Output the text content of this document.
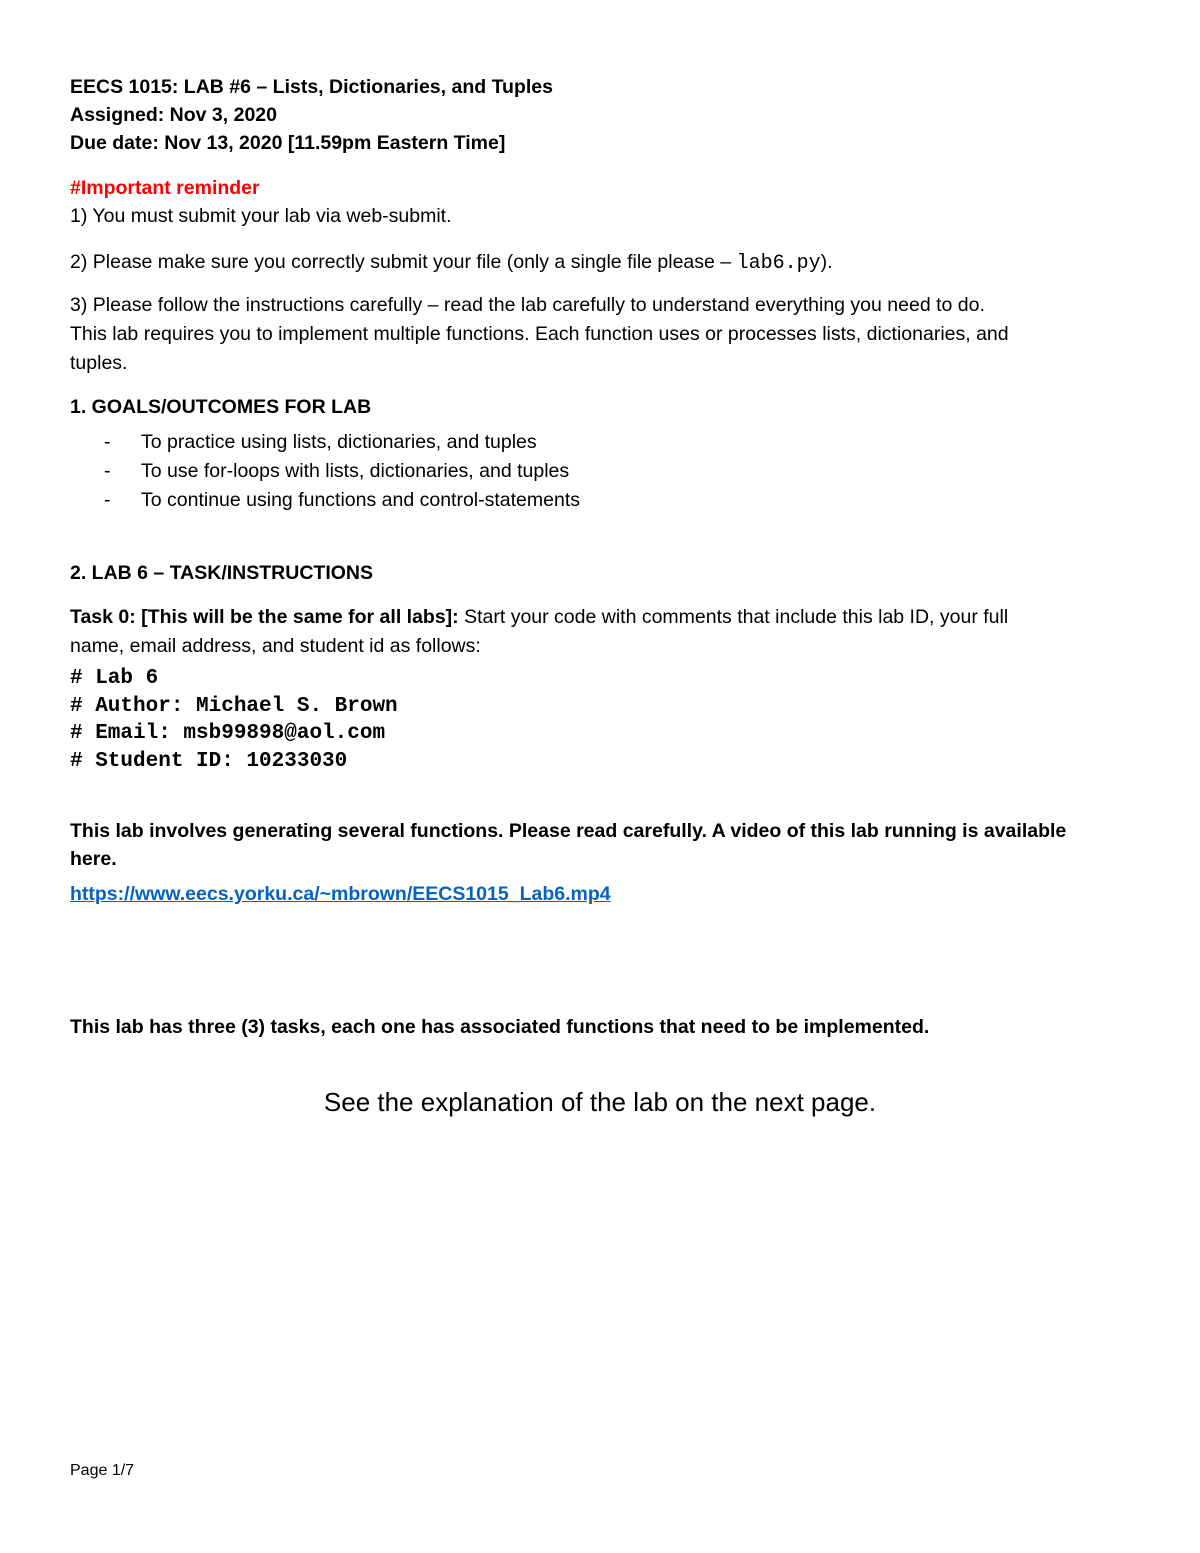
EECS 1015: LAB #6 – Lists, Dictionaries, and Tuples
Assigned: Nov 3, 2020
Due date: Nov 13, 2020 [11.59pm Eastern Time]
#Important reminder
1) You must submit your lab via web-submit.
2) Please make sure you correctly submit your file (only a single file please – lab6.py).
3) Please follow the instructions carefully – read the lab carefully to understand everything you need to do.
This lab requires you to implement multiple functions. Each function uses or processes lists, dictionaries, and
tuples.
1. GOALS/OUTCOMES FOR LAB
- To practice using lists, dictionaries, and tuples
- To use for-loops with lists, dictionaries, and tuples
- To continue using functions and control-statements
2. LAB 6 – TASK/INSTRUCTIONS
Task 0: [This will be the same for all labs]: Start your code with comments that include this lab ID, your full
name, email address, and student id as follows:
# Lab 6
# Author: Michael S. Brown
# Email: msb99898@aol.com
# Student ID: 10233030
This lab involves generating several functions. Please read carefully. A video of this lab running is available
here.
https://www.eecs.yorku.ca/~mbrown/EECS1015_Lab6.mp4
This lab has three (3) tasks, each one has associated functions that need to be implemented.
See the explanation of the lab on the next page.
Page 1/7
